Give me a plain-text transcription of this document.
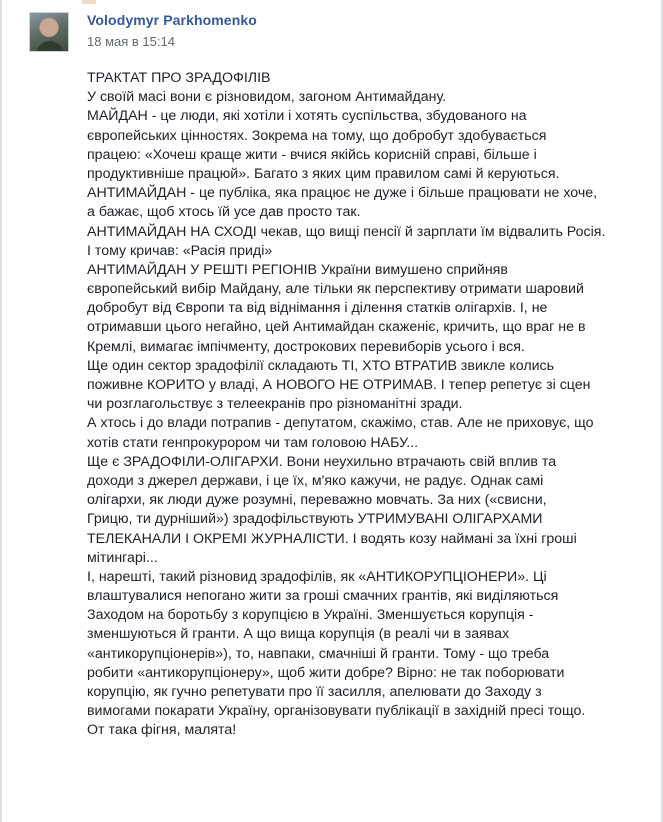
Volodymyr Parkhomenko
18 мая в 15:14
ТРАКТАТ ПРО ЗРАДОФІЛІВ
У своїй масі вони є різновидом, загоном Антимайдану.
МАЙДАН - це люди, які хотіли і хотять суспільства, збудованого на
європейських цінностях. Зокрема на тому, що добробут здобувається
працею: «Хочеш краще жити - вчися якійсь корисній справі, більше і
продуктивніше працюй». Багато з яких цим правилом самі й керуються.
АНТИМАЙДАН - це публіка, яка працює не дуже і більше працювати не хоче,
а бажає, щоб хтось їй усе дав просто так.
АНТИМАЙДАН НА СХОДІ чекав, що вищі пенсії й зарплати їм відвалить Росія.
І тому кричав: «Расія приді»
АНТИМАЙДАН У РЕШТІ РЕГІОНІВ України вимушено сприйняв
європейський вибір Майдану, але тільки як перспективу отримати шаровий
добробут від Європи та від віднімання і ділення статків олігархів. І, не
отримавши цього негайно, цей Антимайдан скаженіє, кричить, що враг не в
Кремлі, вимагає імпічменту, дострокових перевиборів усього і вся.
Ще один сектор зрадофілії складають ТІ, ХТО ВТРАТИВ звикле колись
поживне КОРИТО у владі, А НОВОГО НЕ ОТРИМАВ. І тепер репетує зі сцен
чи розглагольствує з телеекранів про різноманітні зради.
А хтось і до влади потрапив - депутатом, скажімо, став. Але не приховує, що
хотів стати генпрокурором чи там головою НАБУ...
Ще є ЗРАДОФІЛИ-ОЛІГАРХИ. Вони неухильно втрачають свій вплив та
доходи з джерел держави, і це їх, м'яко кажучи, не радує. Однак самі
олігархи, як люди дуже розумні, переважно мовчать. За них («свисни,
Грицю, ти дурніший») зрадофільствують УТРИМУВАНІ ОЛІГАРХАМИ
ТЕЛЕКАНАЛИ І ОКРЕМІ ЖУРНАЛІСТИ. І водять козу наймані за їхні гроші
мітингарі...
І, нарешті, такий різновид зрадофілів, як «АНТИКОРУПЦІОНЕРИ». Ці
влаштувалися непогано жити за гроші смачних грантів, які виділяються
Заходом на боротьбу з корупцією в Україні. Зменшується корупція -
зменшуються й гранти. А що вища корупція (в реалі чи в заявах
«антикорупціонерів»), то, навпаки, смачніші й гранти. Тому - що треба
робити «антикорупціонеру», щоб жити добре? Вірно: не так поборювати
корупцію, як гучно репетувати про її засилля, апелювати до Заходу з
вимогами покарати Україну, організовувати публікації в західній пресі тощо.
От така фігня, малята!
